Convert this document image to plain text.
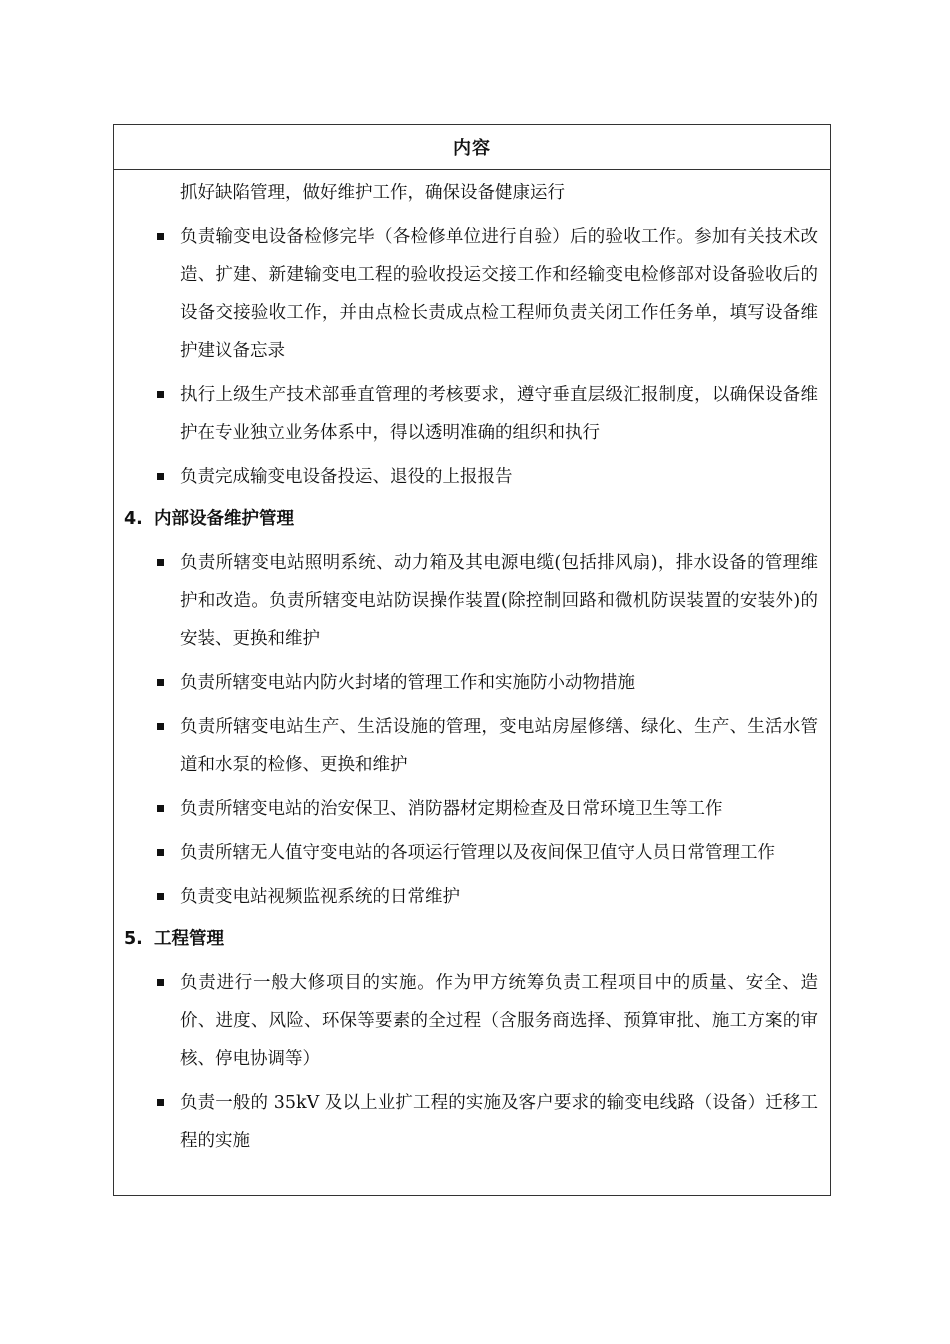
内容
抓好缺陷管理，做好维护工作，确保设备健康运行
负责输变电设备检修完毕（各检修单位进行自验）后的验收工作。参加有关技术改造、扩建、新建输变电工程的验收投运交接工作和经输变电检修部对设备验收后的设备交接验收工作，并由点检长责成点检工程师负责关闭工作任务单，填写设备维护建议备忘录
执行上级生产技术部垂直管理的考核要求，遵守垂直层级汇报制度，以确保设备维护在专业独立业务体系中，得以透明准确的组织和执行
负责完成输变电设备投运、退役的上报报告
4. 内部设备维护管理
负责所辖变电站照明系统、动力箱及其电源电缆(包括排风扇)，排水设备的管理维护和改造。负责所辖变电站防误操作装置(除控制回路和微机防误装置的安装外)的安装、更换和维护
负责所辖变电站内防火封堵的管理工作和实施防小动物措施
负责所辖变电站生产、生活设施的管理，变电站房屋修缮、绿化、生产、生活水管道和水泵的检修、更换和维护
负责所辖变电站的治安保卫、消防器材定期检查及日常环境卫生等工作
负责所辖无人值守变电站的各项运行管理以及夜间保卫值守人员日常管理工作
负责变电站视频监视系统的日常维护
5. 工程管理
负责进行一般大修项目的实施。作为甲方统筹负责工程项目中的质量、安全、造价、进度、风险、环保等要素的全过程（含服务商选择、预算审批、施工方案的审核、停电协调等）
负责一般的 35kV 及以上业扩工程的实施及客户要求的输变电线路（设备）迁移工程的实施
